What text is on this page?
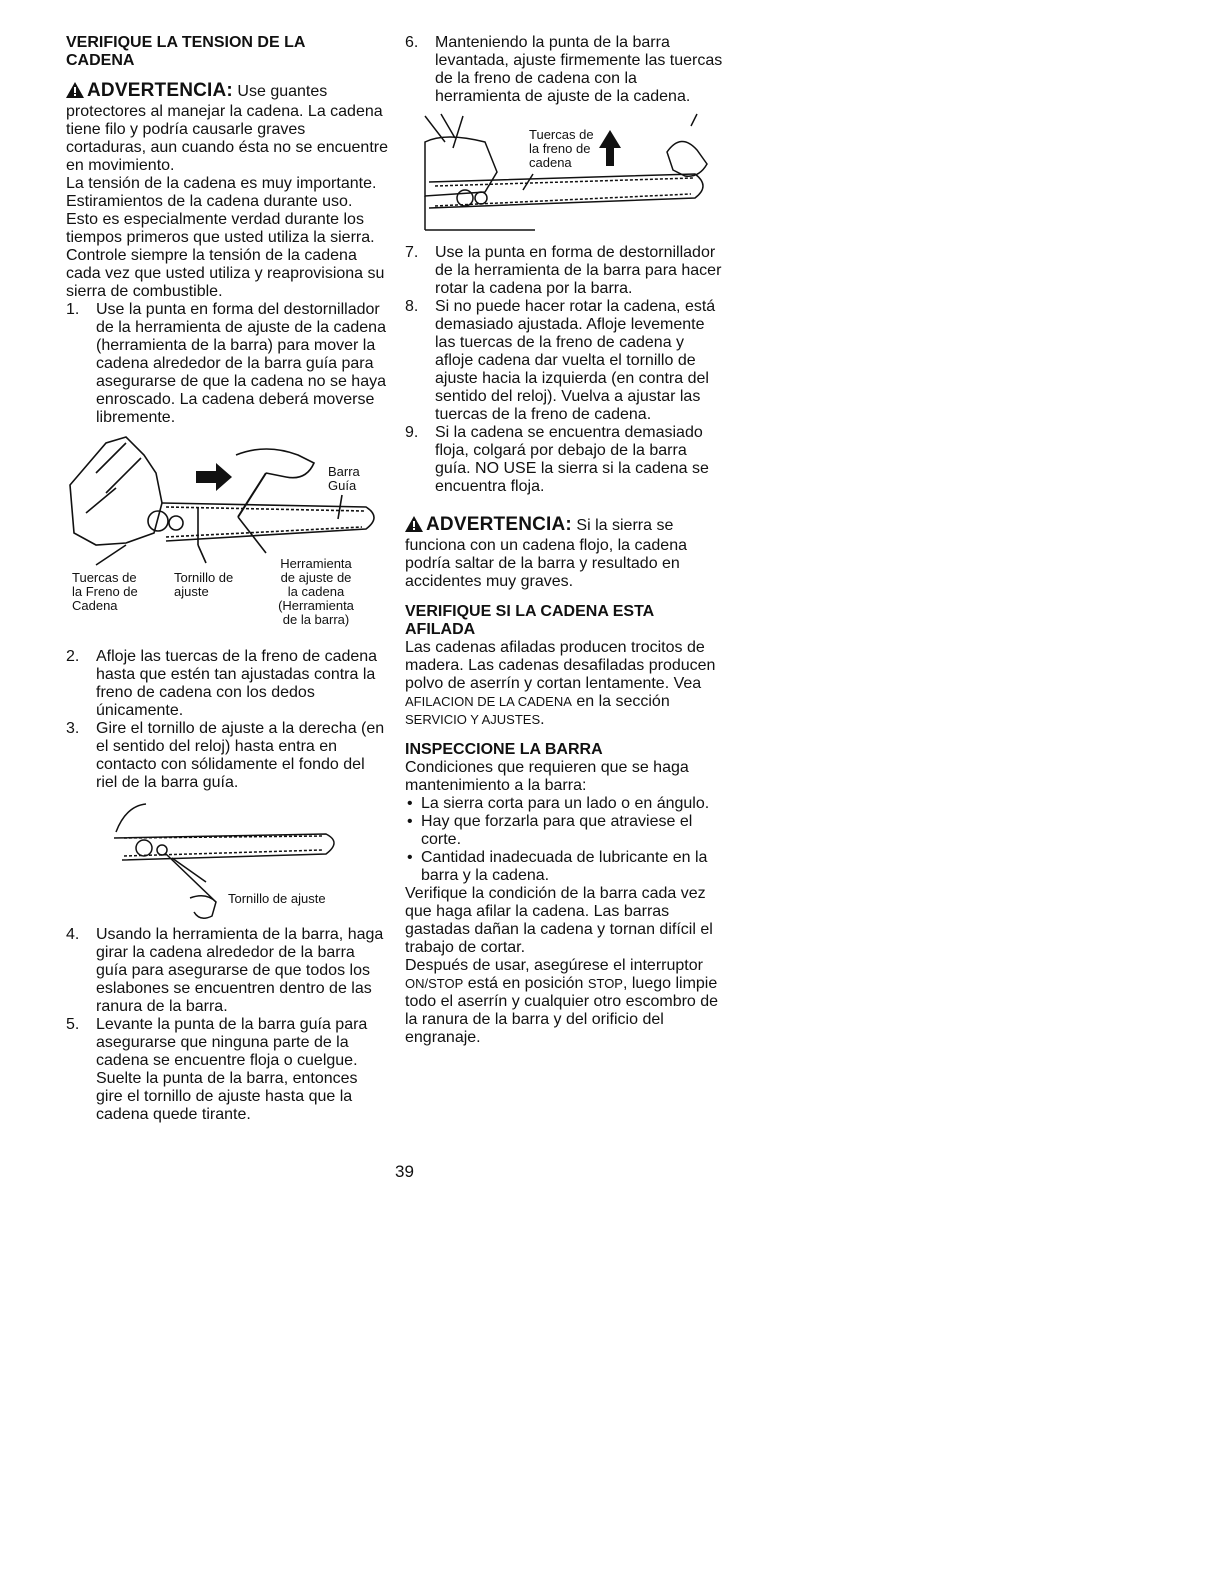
VERIFIQUE LA TENSION DE LA
CADENA

ADVERTENCIA: Use guantes protectores al manejar la cadena. La cadena tiene filo y podría causarle graves cortaduras, aun cuando ésta no se encuentre en movimiento.

La tensión de la cadena es muy importante. Estiramientos de la cadena durante uso. Esto es especialmente verdad durante los tiempos primeros que usted utiliza la sierra. Controle siempre la tensión de la cadena cada vez que usted utiliza y reaprovisiona su sierra de combustible.

1. Use la punta en forma del destornillador de la herramienta de ajuste de la cadena (herramienta de la barra) para mover la cadena alrededor de la barra guía para asegurarse de que la cadena no se haya enroscado. La cadena deberá moverse libremente.
Barra
Guía
Tuercas de
la Freno de
Cadena
Tornillo de
ajuste
Herramienta
de ajuste de
la cadena
(Herramienta
de la barra)
2. Afloje las tuercas de la freno de cadena hasta que estén tan ajustadas contra la freno de cadena con los dedos únicamente.
3. Gire el tornillo de ajuste a la derecha (en el sentido del reloj) hasta entra en contacto con sólidamente el fondo del riel de la barra guía.
Tornillo de ajuste
4. Usando la herramienta de la barra, haga girar la cadena alrededor de la barra guía para asegurarse de que todos los eslabones se encuentren dentro de las ranura de la barra.
5. Levante la punta de la barra guía para asegurarse que ninguna parte de la cadena se encuentre floja o cuelgue. Suelte la punta de la barra, entonces gire el tornillo de ajuste hasta que la cadena quede tirante.
6. Manteniendo la punta de la barra levantada, ajuste firmemente las tuercas de la freno de cadena con la herramienta de ajuste de la cadena.
Tuercas de
la freno de
cadena
7. Use la punta en forma de destornillador de la herramienta de la barra para hacer rotar la cadena por la barra.
8. Si no puede hacer rotar la cadena, está demasiado ajustada. Afloje levemente las tuercas de la freno de cadena y afloje cadena dar vuelta el tornillo de ajuste hacia la izquierda (en contra del sentido del reloj). Vuelva a ajustar las tuercas de la freno de cadena.
9. Si la cadena se encuentra demasiado floja, colgará por debajo de la barra guía. NO USE la sierra si la cadena se encuentra floja.

ADVERTENCIA: Si la sierra se funciona con un cadena flojo, la cadena podría saltar de la barra y resultado en accidentes muy graves.

VERIFIQUE SI LA CADENA ESTA
AFILADA

Las cadenas afiladas producen trocitos de madera. Las cadenas desafiladas producen polvo de aserrín y cortan lentamente. Vea AFILACION DE LA CADENA en la sección SERVICIO Y AJUSTES.

INSPECCIONE LA BARRA

Condiciones que requieren que se haga mantenimiento a la barra:

• La sierra corta para un lado o en ángulo.
• Hay que forzarla para que atraviese el corte.
• Cantidad inadecuada de lubricante en la barra y la cadena.

Verifique la condición de la barra cada vez que haga afilar la cadena. Las barras gastadas dañan la cadena y tornan difícil el trabajo de cortar.

Después de usar, asegúrese el interruptor ON/STOP está en posición STOP, luego limpie todo el aserrín y cualquier otro escombro de la ranura de la barra y del orificio del engranaje.

39
